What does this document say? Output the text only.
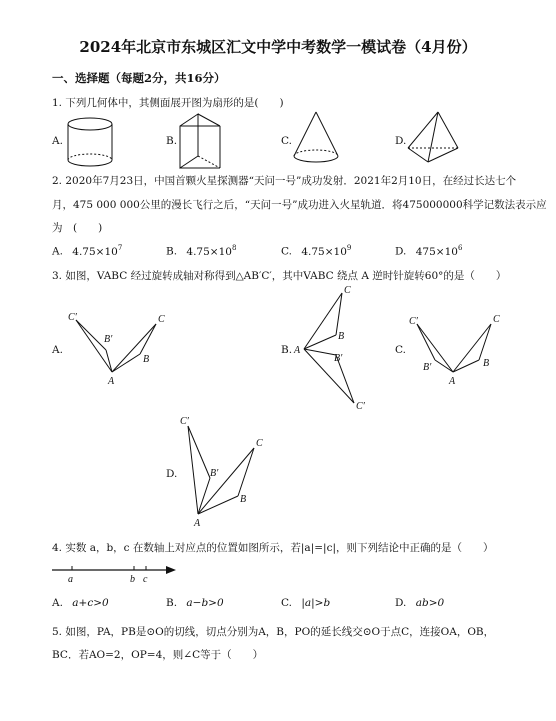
2024年北京市东城区汇文中学中考数学一模试卷（4月份）
一、选择题（每题2分，共16分）
1. 下列几何体中，其侧面展开图为扇形的是(　　)
A.	B.	C.	D.
2. 2020年7月23日，中国首颗火星探测器“天问一号”成功发射．2021年2月10日，在经过长达七个
月，475 000 000公里的漫长飞行之后，“天问一号”成功进入火星轨道．将475000000科学记数法表示应
为　(　　)
A. $4.75\times 10^7$	B. $4.75\times 10^8$	C. $4.75\times 10^9$	D. $475\times 10^6$
3. 如图，VABC 经过旋转成轴对称得到△AB′C′，其中VABC 绕点 A 逆时针旋转60°的是（　　）
A.
A
C′
B′
C
B
B. A
C
B
B′
C′
C.
A
C′
B′
C
B
D.
A
C′
B′
C
B
4. 实数 a，b，c 在数轴上对应点的位置如图所示，若|a|=|c|，则下列结论中正确的是（　　）
a	b c
A. a+c>0	B. a−b>0	C. |a|>b	D. ab>0
5. 如图，PA，PB是⊙O的切线，切点分别为A，B，PO的延长线交⊙O于点C，连接OA，OB，
BC．若AO=2，OP=4，则∠C等于（　　）
